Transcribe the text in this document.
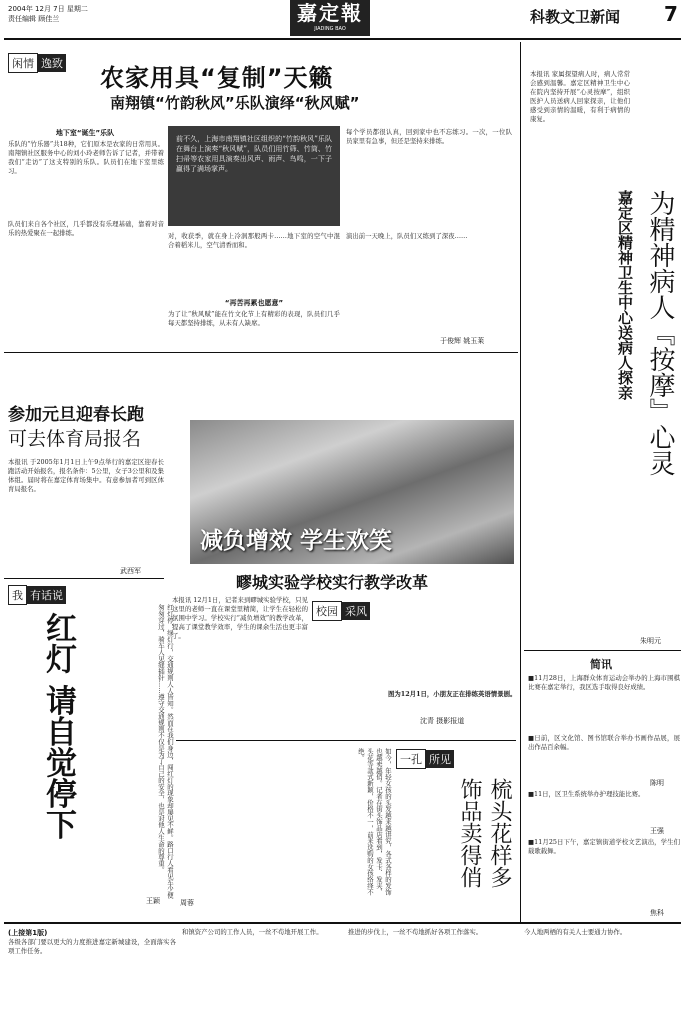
2004年 12月 7日 星期二
责任编辑 顾佳兰	嘉定報
JIADING BAO
科教文卫新闻 7
闲情 逸致
农家用具“复制”天籁
南翔镇“竹韵秋风”乐队演绎“秋风赋”
地下室“诞生”乐队
乐队的“竹乐器”共18种，它们原本是农家的日常用具。南翔镇社区服务中心的刘小玲老师告诉了记者，并带着我们“走访”了这支特别的乐队。队员们在地下室里练习。
队员们来自各个社区，几乎都没有乐理基础，靠着对音乐的热爱聚在一起排练。
前不久，上海市南翔镇社区组织的“竹韵秋风”乐队在舞台上演奏“秋风赋”，队员们用竹筛、竹筒、竹扫帚等农家用具演奏出风声、雨声、鸟鸣，一下子赢得了满场掌声。
对，收获季，就在身上冷涡那般两卡……地下室的空气中混合着稻米儿，空气清香而和。
“再苦再累也愿意”
为了让“秋风赋”能在竹文化节上有精彩的表现，队员们几乎每天都坚持排练，从未有人缺席。
每个学员都很认真，回到家中也不忘练习。一次，一位队员家里有急事，但还是坚持来排练。
演出前一天晚上，队员们又练到了深夜……
于俊辉 姚玉莱
参加元旦迎春长跑
可去体育局报名
本报讯 于2005年1月1日上午9点举行的嘉定区迎春长跑活动开始报名，报名条件：5公里，女子3公里和及集体组。届时将在嘉定体育场集中。有意参加者可到区体育局报名。
武西军
减负增效 学生欢笑
疁城实验学校实行教学改革
本报讯 12月1日，记者来到疁城实验学校，只见这里的老师一直在课堂里精简，让学生在轻松的氛围中学习。学校实行“减负增效”的教学改革，提高了课堂教学效率，学生的课余生活也更丰富了。
校园 采风
图为12月1日，小朋友正在排练英语情景剧。
沈青 摄影报道
我 有话说
红灯 请自觉停下	红灯停，绿灯行，交通规则人人皆知。然而在我们身边，闯红灯的现象却屡见不鲜。路口行人看见车少便匆匆穿过，骑车人见缝插针……遵守交通规则不仅是为了自己的安全，也是对他人生命的尊重。
王颖
一孔 所见
梳头花样多 饰品卖得俏
如今，年轻女孩的头发越来越讲究，各式各样的发饰也越卖越俏。记者在街头饰品店看到，发卡、发夹、头花等款式新颖，价格不一，前来选购的女孩络绎不绝。
周蓉
本报讯 家属探望病人时，病人常常会感到温馨。嘉定区精神卫生中心在院内坚持开展“心灵按摩”，组织医护人员送病人回家探亲，让他们感受到亲情的温暖，有利于病情的康复。
为精神病人『按摩』心灵
嘉定区精神卫生中心送病人探亲
朱明元
简讯
■11月28日，上海群众体育运动会举办的上海市围棋比赛在嘉定举行，我区选手取得良好成绩。
■日前，区文化馆、图书馆联合举办书画作品展，展出作品百余幅。
陈明
■11日，区卫生系统举办护理技能比赛。
王强
■11月25日下午，嘉定镇街道学校文艺演出，学生们载歌载舞。
焦科
(上接第1版)
各级各部门要以更大的力度推进嘉定新城建设，全面落实各项工作任务。
和镇资产公司的工作人员，一丝不苟地开展工作。	推进的步伐上，一丝不苟地抓好各项工作落实。	今人地两栖的有关人士要通力协作。
